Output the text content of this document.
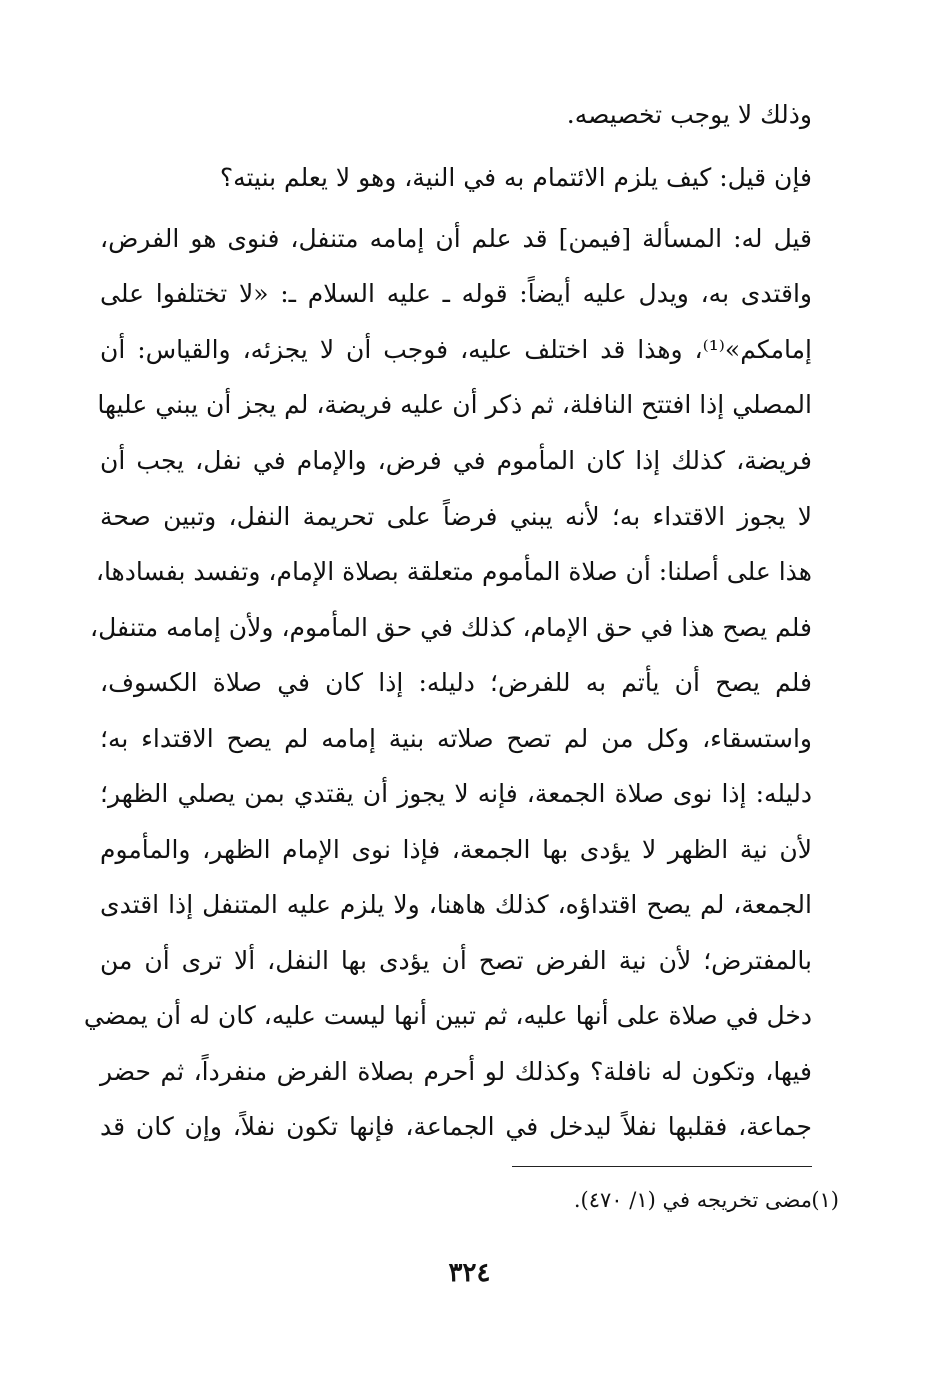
وذلك لا يوجب تخصيصه.
فإن قيل: كيف يلزم الائتمام به في النية، وهو لا يعلم بنيته؟
قيل له: المسألة [فيمن] قد علم أن إمامه متنفل، فنوى هو الفرض،
واقتدى به، ويدل عليه أيضاً: قوله ـ عليه السلام ـ: «لا تختلفوا على
إمامكم»⁽¹⁾، وهذا قد اختلف عليه، فوجب أن لا يجزئه، والقياس: أن
المصلي إذا افتتح النافلة، ثم ذكر أن عليه فريضة، لم يجز أن يبني عليها
فريضة، كذلك إذا كان المأموم في فرض، والإمام في نفل، يجب أن
لا يجوز الاقتداء به؛ لأنه يبني فرضاً على تحريمة النفل، وتبين صحة
هذا على أصلنا: أن صلاة المأموم متعلقة بصلاة الإمام، وتفسد بفسادها،
فلم يصح هذا في حق الإمام، كذلك في حق المأموم، ولأن إمامه متنفل،
فلم يصح أن يأتم به للفرض؛ دليله: إذا كان في صلاة الكسوف،
واستسقاء، وكل من لم تصح صلاته بنية إمامه لم يصح الاقتداء به؛
دليله: إذا نوى صلاة الجمعة، فإنه لا يجوز أن يقتدي بمن يصلي الظهر؛
لأن نية الظهر لا يؤدى بها الجمعة، فإذا نوى الإمام الظهر، والمأموم
الجمعة، لم يصح اقتداؤه، كذلك هاهنا، ولا يلزم عليه المتنفل إذا اقتدى
بالمفترض؛ لأن نية الفرض تصح أن يؤدى بها النفل، ألا ترى أن من
دخل في صلاة على أنها عليه، ثم تبين أنها ليست عليه، كان له أن يمضي
فيها، وتكون له نافلة؟ وكذلك لو أحرم بصلاة الفرض منفرداً، ثم حضر
جماعة، فقلبها نفلاً ليدخل في الجماعة، فإنها تكون نفلاً، وإن كان قد
(١)
مضى تخريجه في (١/ ٤٧٠).
٣٢٤
